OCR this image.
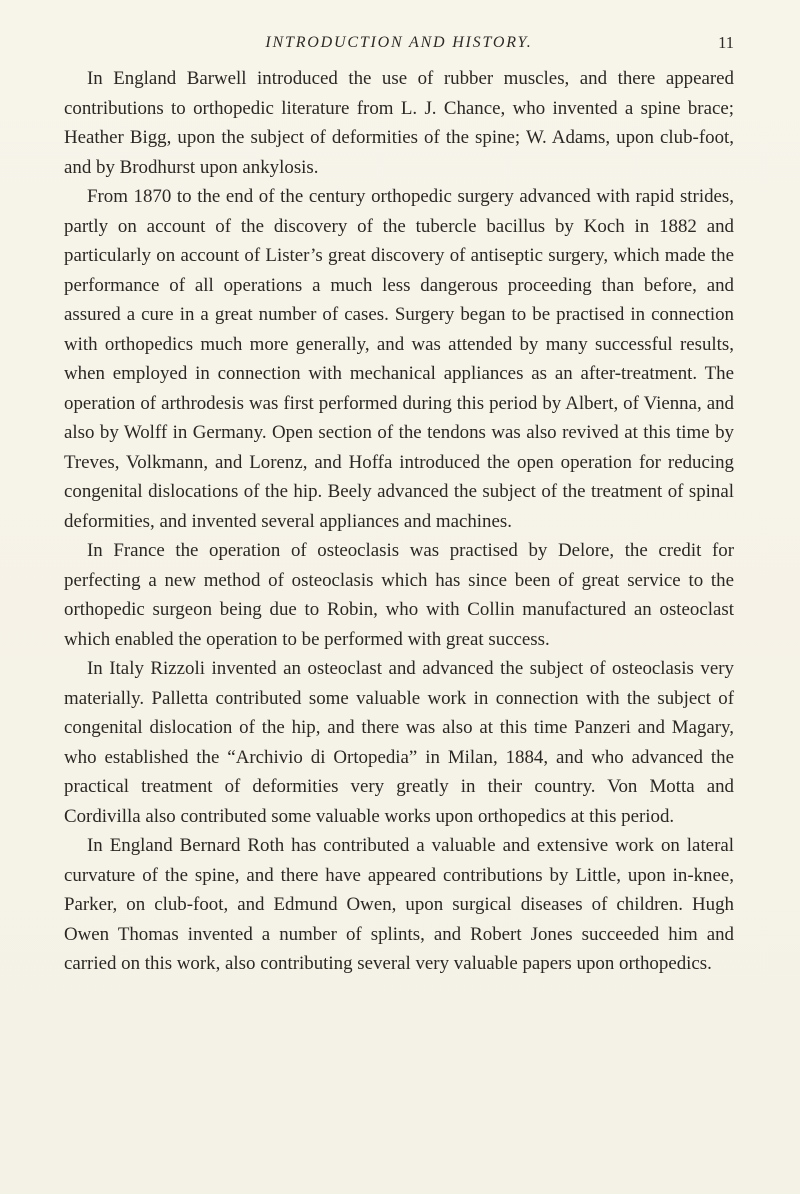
INTRODUCTION AND HISTORY.	11

In England Barwell introduced the use of rubber muscles, and there appeared contributions to orthopedic literature from L. J. Chance, who invented a spine brace; Heather Bigg, upon the subject of deformities of the spine; W. Adams, upon club-foot, and by Brodhurst upon ankylosis.

From 1870 to the end of the century orthopedic surgery advanced with rapid strides, partly on account of the discovery of the tubercle bacillus by Koch in 1882 and particularly on account of Lister’s great discovery of antiseptic surgery, which made the performance of all operations a much less dangerous proceeding than before, and assured a cure in a great number of cases. Surgery began to be practised in connection with orthopedics much more generally, and was attended by many successful results, when employed in connection with mechanical appliances as an after-treatment. The operation of arthrodesis was first performed during this period by Albert, of Vienna, and also by Wolff in Germany. Open section of the tendons was also revived at this time by Treves, Volkmann, and Lorenz, and Hoffa introduced the open operation for reducing congenital dislocations of the hip. Beely advanced the subject of the treatment of spinal deformities, and invented several appliances and machines.

In France the operation of osteoclasis was practised by Delore, the credit for perfecting a new method of osteoclasis which has since been of great service to the orthopedic surgeon being due to Robin, who with Collin manufactured an osteoclast which enabled the operation to be performed with great success.

In Italy Rizzoli invented an osteoclast and advanced the subject of osteoclasis very materially. Palletta contributed some valuable work in connection with the subject of congenital dislocation of the hip, and there was also at this time Panzeri and Magary, who established the “Archivio di Ortopedia” in Milan, 1884, and who advanced the practical treatment of deformities very greatly in their country. Von Motta and Cordivilla also contributed some valuable works upon orthopedics at this period.

In England Bernard Roth has contributed a valuable and extensive work on lateral curvature of the spine, and there have appeared contributions by Little, upon in-knee, Parker, on club-foot, and Edmund Owen, upon surgical diseases of children. Hugh Owen Thomas invented a number of splints, and Robert Jones succeeded him and carried on this work, also contributing several very valuable papers upon orthopedics.
